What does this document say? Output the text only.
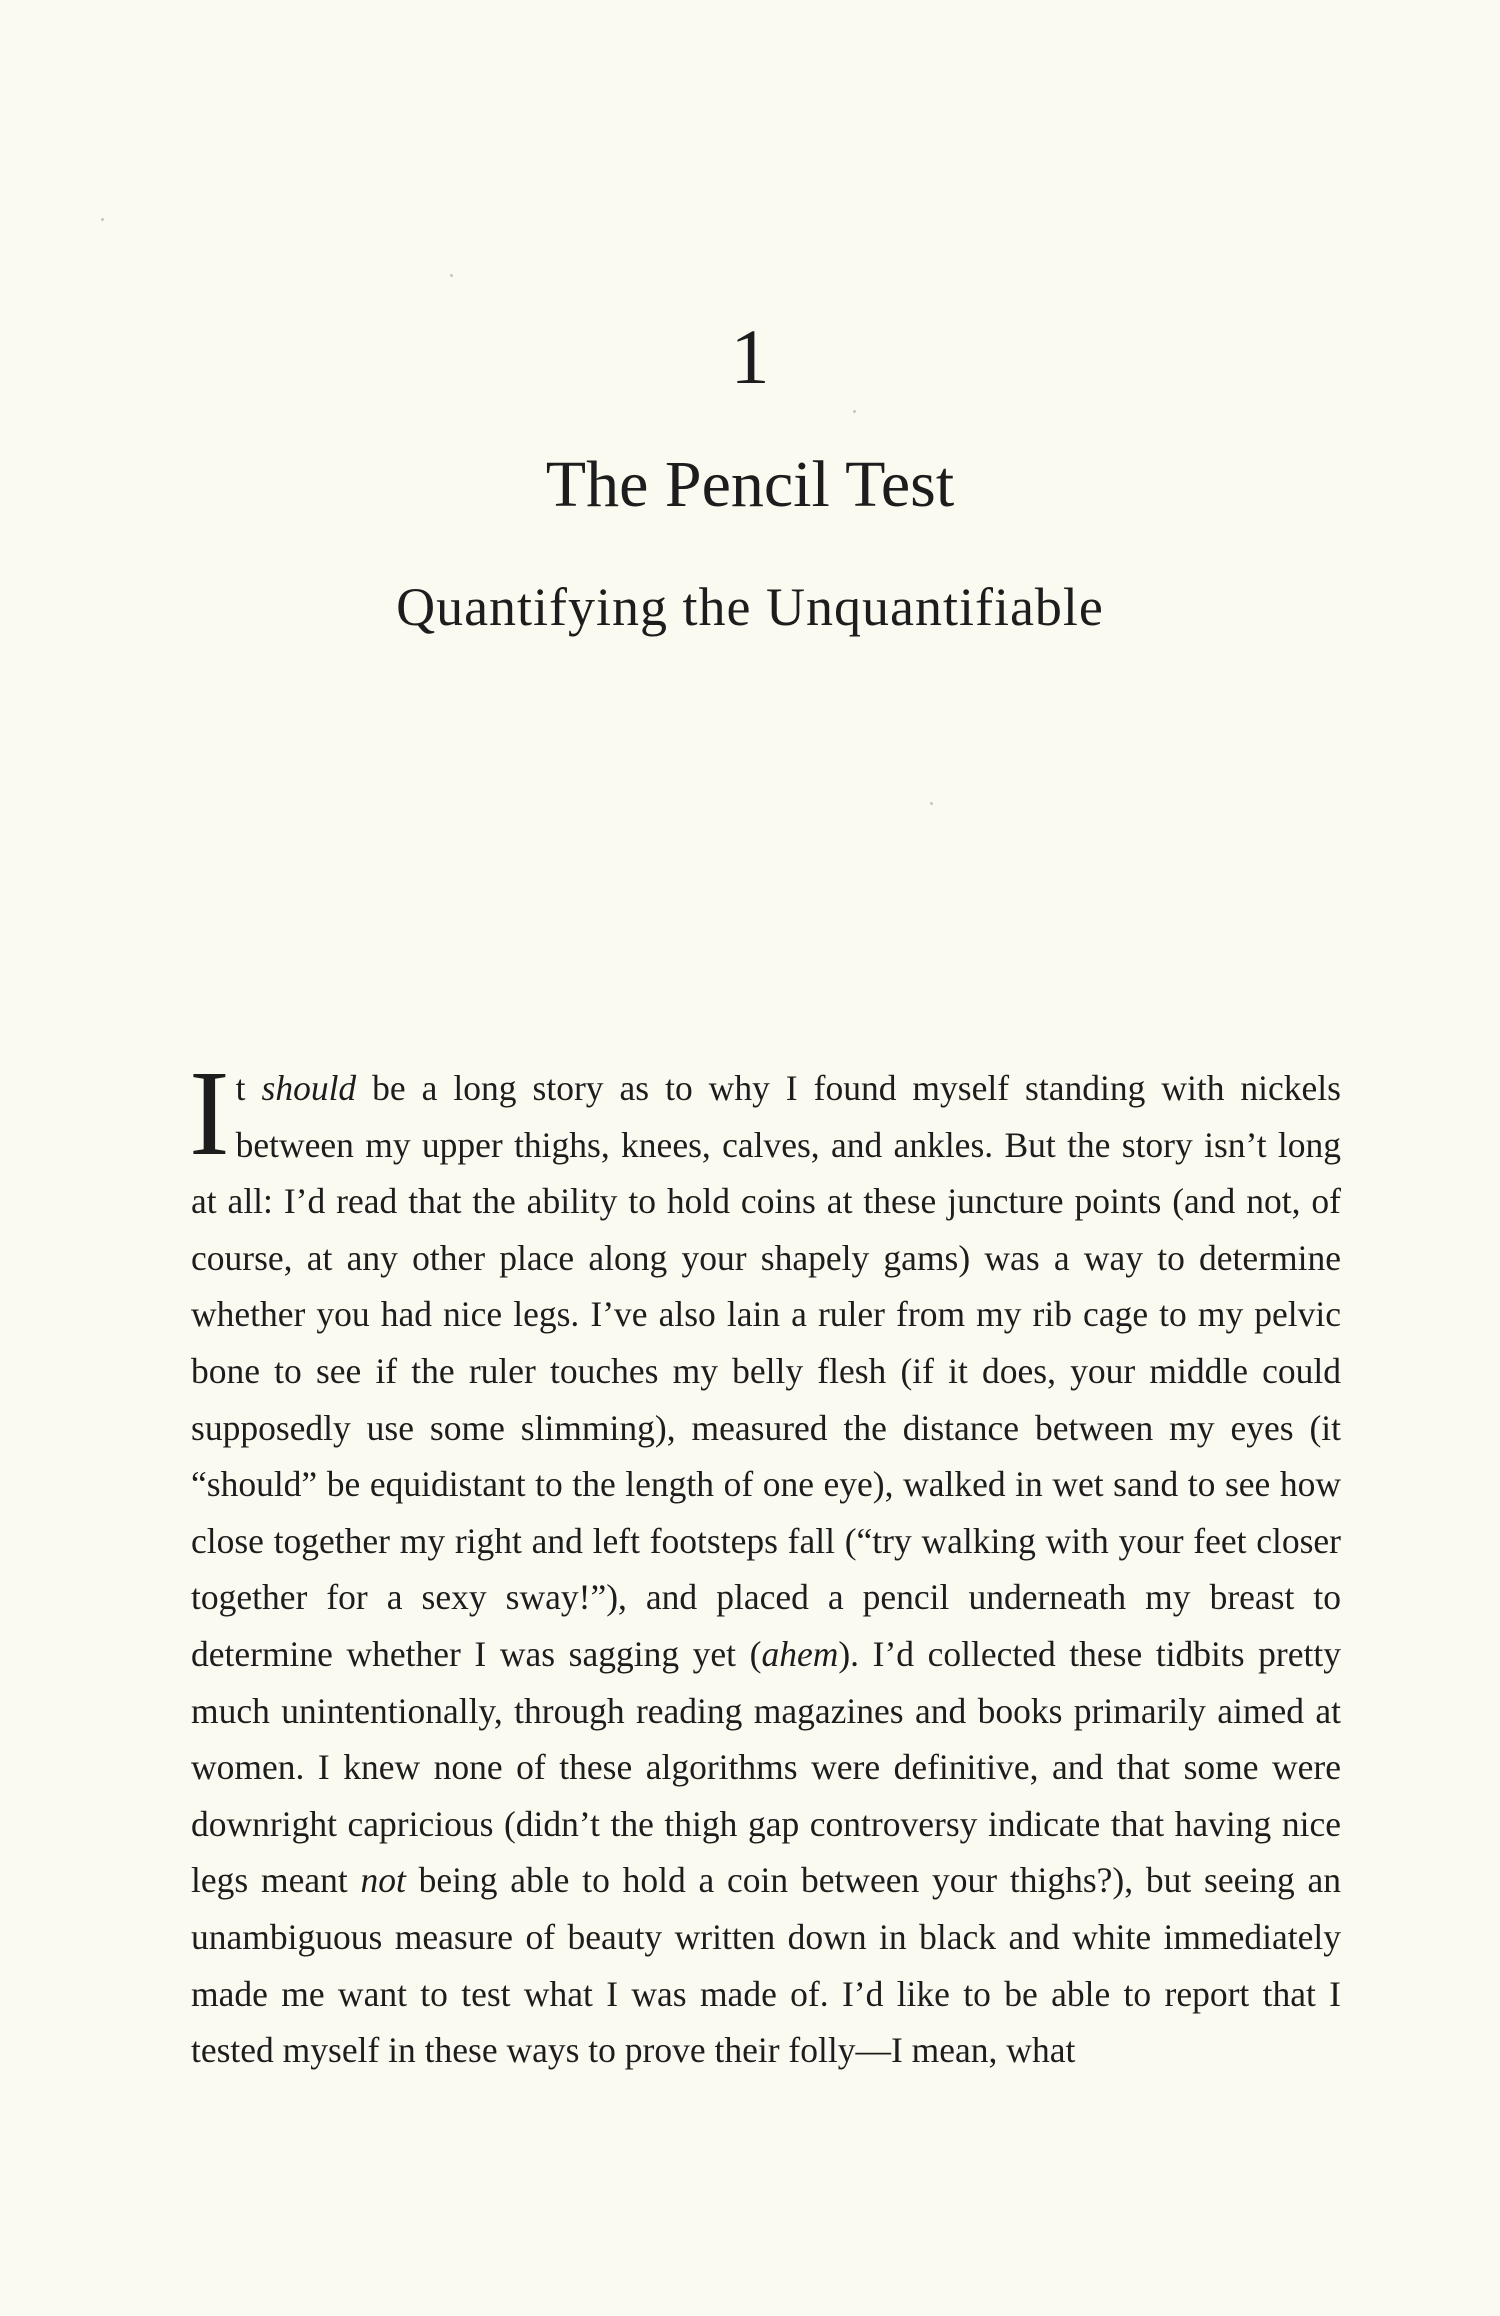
1
The Pencil Test
Quantifying the Unquantifiable

It should be a long story as to why I found myself standing with nickels between my upper thighs, knees, calves, and ankles. But the story isn’t long at all: I’d read that the ability to hold coins at these juncture points (and not, of course, at any other place along your shapely gams) was a way to determine whether you had nice legs. I’ve also lain a ruler from my rib cage to my pelvic bone to see if the ruler touches my belly flesh (if it does, your middle could supposedly use some slimming), measured the distance between my eyes (it “should” be equidistant to the length of one eye), walked in wet sand to see how close together my right and left footsteps fall (“try walking with your feet closer together for a sexy sway!”), and placed a pencil underneath my breast to determine whether I was sagging yet (ahem). I’d collected these tidbits pretty much unintentionally, through reading magazines and books primarily aimed at women. I knew none of these algorithms were definitive, and that some were downright capricious (didn’t the thigh gap controversy indicate that having nice legs meant not being able to hold a coin between your thighs?), but seeing an unambiguous measure of beauty written down in black and white immediately made me want to test what I was made of. I’d like to be able to report that I tested myself in these ways to prove their folly—I mean, what
